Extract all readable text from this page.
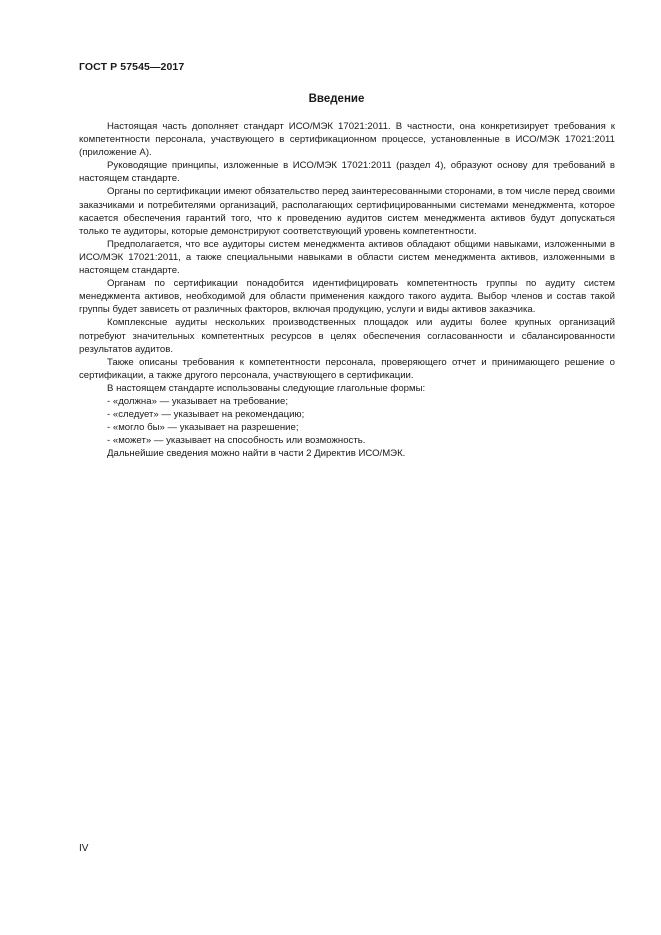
ГОСТ Р 57545—2017
Введение

Настоящая часть дополняет стандарт ИСО/МЭК 17021:2011. В частности, она конкретизирует требования к компетентности персонала, участвующего в сертификационном процессе, установленные в ИСО/МЭК 17021:2011 (приложение А).

Руководящие принципы, изложенные в ИСО/МЭК 17021:2011 (раздел 4), образуют основу для требований в настоящем стандарте.

Органы по сертификации имеют обязательство перед заинтересованными сторонами, в том числе перед своими заказчиками и потребителями организаций, располагающих сертифицированными системами менеджмента, которое касается обеспечения гарантий того, что к проведению аудитов систем менеджмента активов будут допускаться только те аудиторы, которые демонстрируют соответствующий уровень компетентности.

Предполагается, что все аудиторы систем менеджмента активов обладают общими навыками, изложенными в ИСО/МЭК 17021:2011, а также специальными навыками в области систем менеджмента активов, изложенными в настоящем стандарте.

Органам по сертификации понадобится идентифицировать компетентность группы по аудиту систем менеджмента активов, необходимой для области применения каждого такого аудита. Выбор членов и состав такой группы будет зависеть от различных факторов, включая продукцию, услуги и виды активов заказчика.

Комплексные аудиты нескольких производственных площадок или аудиты более крупных организаций потребуют значительных компетентных ресурсов в целях обеспечения согласованности и сбалансированности результатов аудитов.

Также описаны требования к компетентности персонала, проверяющего отчет и принимающего решение о сертификации, а также другого персонала, участвующего в сертификации.

В настоящем стандарте использованы следующие глагольные формы:

- «должна» — указывает на требование;

- «следует» — указывает на рекомендацию;

- «могло бы» — указывает на разрешение;

- «может» — указывает на способность или возможность.

Дальнейшие сведения можно найти в части 2 Директив ИСО/МЭК.

IV
